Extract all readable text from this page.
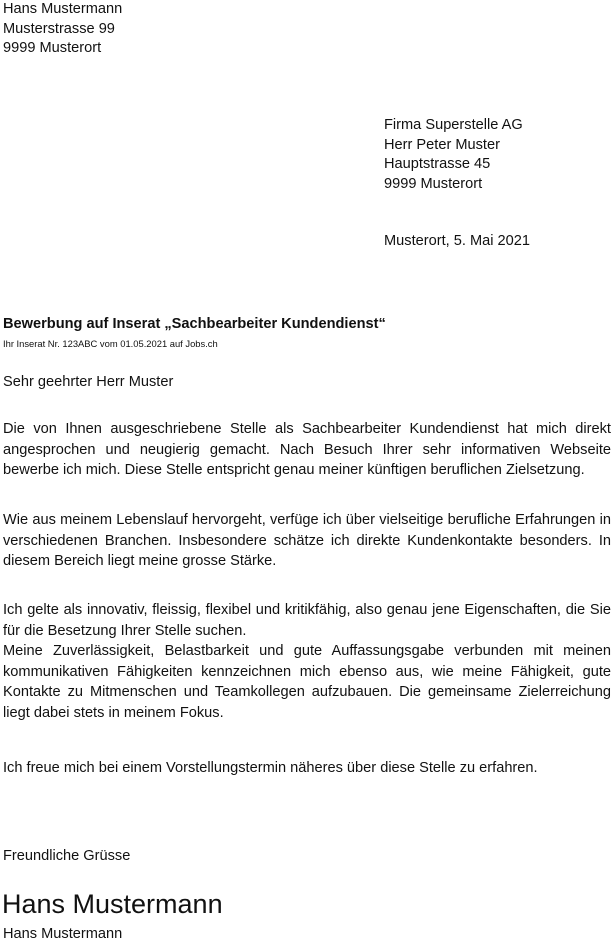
Hans Mustermann
Musterstrasse 99
9999 Musterort
Firma Superstelle AG
Herr Peter Muster
Hauptstrasse 45
9999 Musterort
Musterort, 5. Mai 2021
Bewerbung auf Inserat „Sachbearbeiter Kundendienst“
Ihr Inserat Nr. 123ABC vom 01.05.2021 auf Jobs.ch
Sehr geehrter Herr Muster

Die von Ihnen ausgeschriebene Stelle als Sachbearbeiter Kundendienst hat mich direkt angesprochen und neugierig gemacht. Nach Besuch Ihrer sehr informativen Webseite bewerbe ich mich. Diese Stelle entspricht genau meiner künftigen beruflichen Zielsetzung.

Wie aus meinem Lebenslauf hervorgeht, verfüge ich über vielseitige berufliche Erfahrungen in verschiedenen Branchen. Insbesondere schätze ich direkte Kundenkontakte besonders. In diesem Bereich liegt meine grosse Stärke.

Ich gelte als innovativ, fleissig, flexibel und kritikfähig, also genau jene Eigenschaften, die Sie für die Besetzung Ihrer Stelle suchen.

Meine Zuverlässigkeit, Belastbarkeit und gute Auffassungsgabe verbunden mit meinen kommunikativen Fähigkeiten kennzeichnen mich ebenso aus, wie meine Fähigkeit, gute Kontakte zu Mitmenschen und Teamkollegen aufzubauen. Die gemeinsame Zielerreichung liegt dabei stets in meinem Fokus.

Ich freue mich bei einem Vorstellungstermin näheres über diese Stelle zu erfahren.

Freundliche Grüsse
Hans Mustermann
Hans Mustermann
